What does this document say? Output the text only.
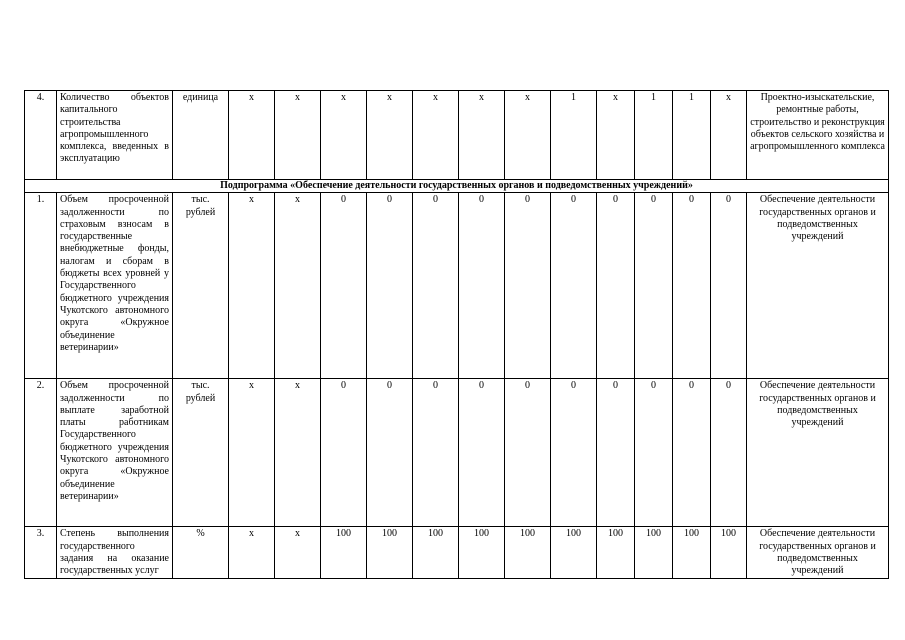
4.	Количество объектов капитального строительства агропромышленного комплекса, введенных в эксплуатацию	единица	x	x	x	x	x	x	x	1	x	1	1	x	Проектно-изыскательские, ремонтные работы, строительство и реконструкция объектов сельского хозяйства и агропромышленного комплекса
Подпрограмма «Обеспечение деятельности государственных органов и подведомственных учреждений»															
1.	Объем просроченной задолженности по страховым взносам в государственные внебюджетные фонды, налогам и сборам в бюджеты всех уровней у Государственного бюджетного учреждения Чукотского автономного округа «Окружное объединение ветеринарии»	тыс. рублей	x	x	0	0	0	0	0	0	0	0	0	0	Обеспечение деятельности государственных органов и подведомственных учреждений
2.	Объем просроченной задолженности по выплате заработной платы работникам Государственного бюджетного учреждения Чукотского автономного округа «Окружное объединение ветеринарии»	тыс. рублей	x	x	0	0	0	0	0	0	0	0	0	0	Обеспечение деятельности государственных органов и подведомственных учреждений
3.	Степень выполнения государственного задания на оказание государственных услуг	%	x	x	100	100	100	100	100	100	100	100	100	100	Обеспечение деятельности государственных органов и подведомственных учреждений
